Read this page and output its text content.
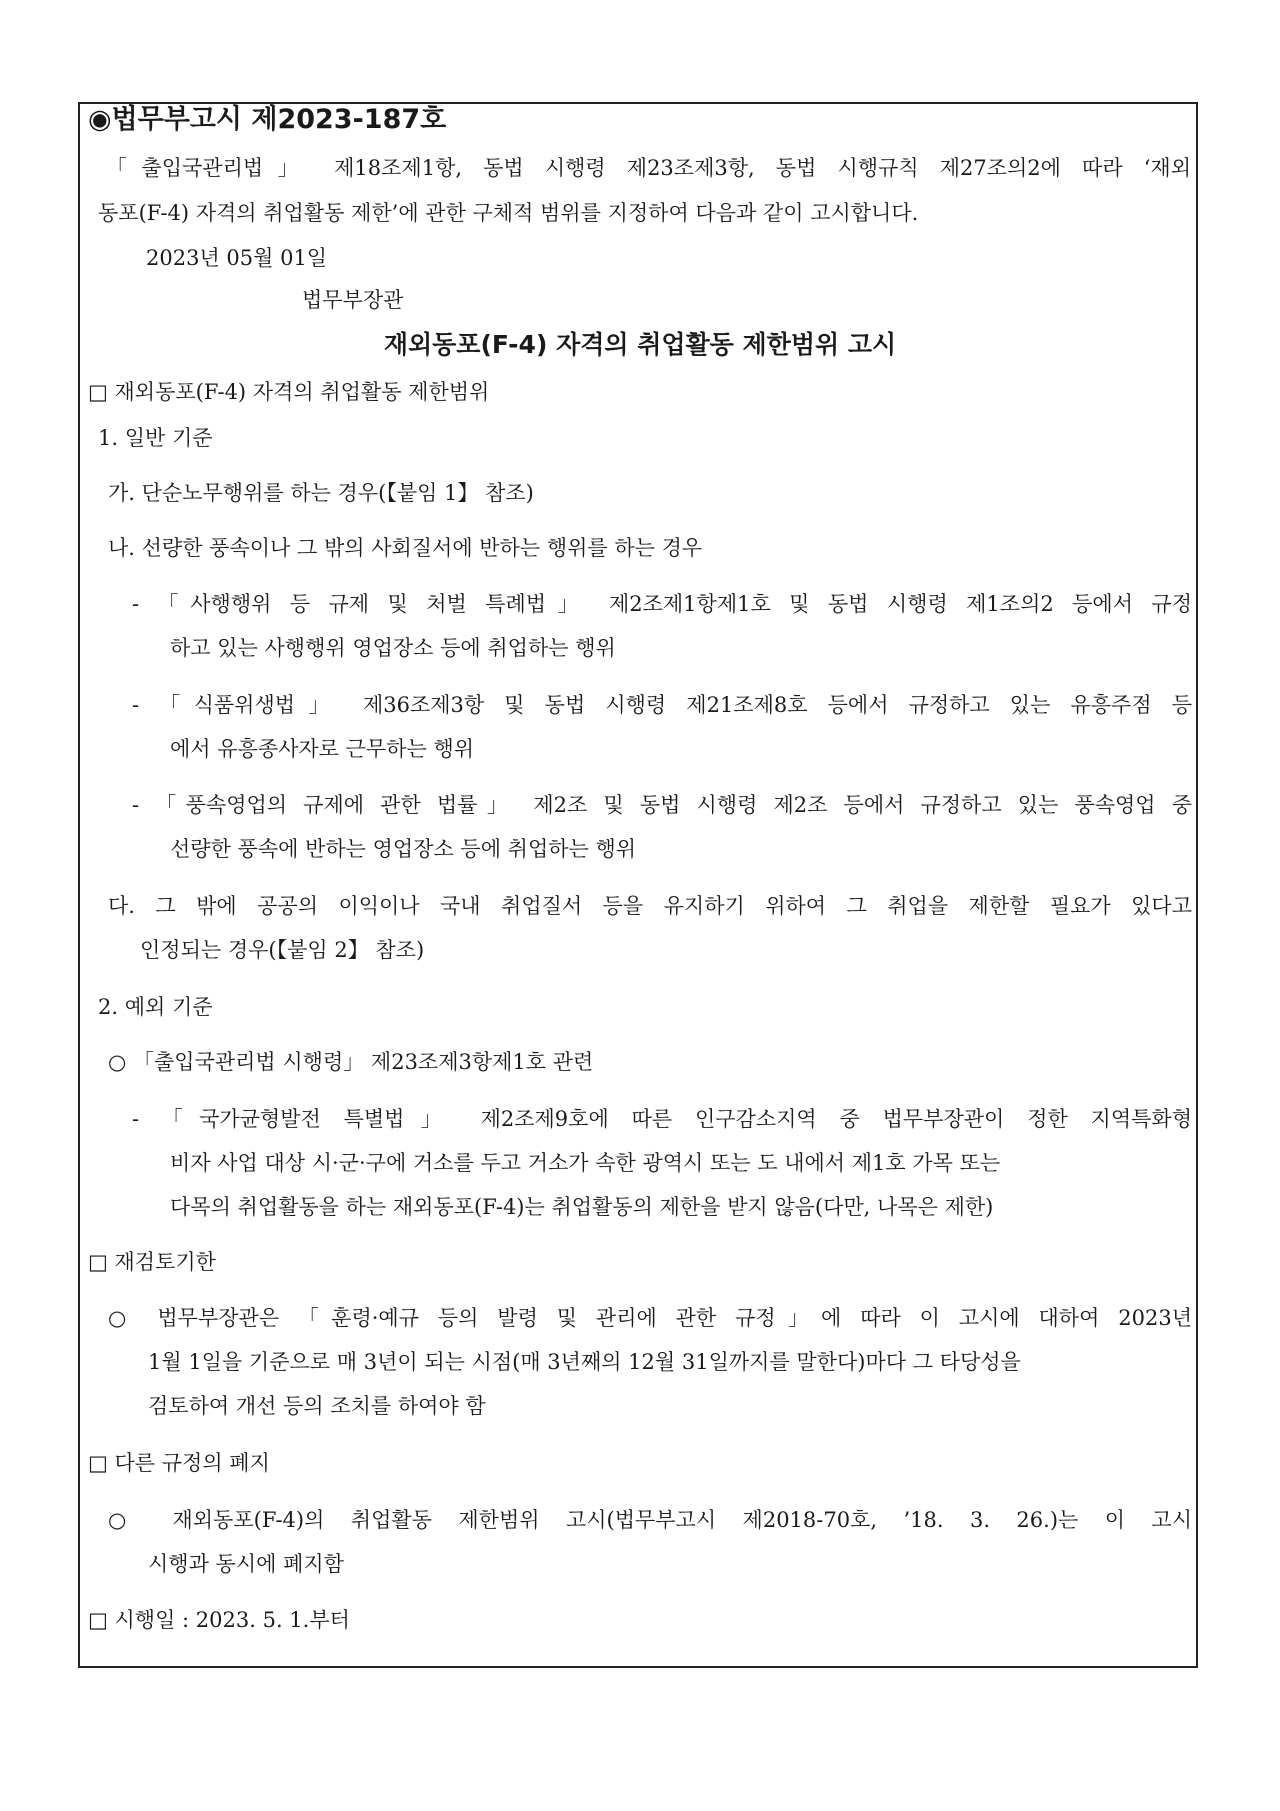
◉법무부고시 제2023-187호
「출입국관리법」 제18조제1항, 동법 시행령 제23조제3항, 동법 시행규칙 제27조의2에 따라 ‘재외
동포(F-4) 자격의 취업활동 제한’에 관한 구체적 범위를 지정하여 다음과 같이 고시합니다.
2023년 05월 01일
법무부장관
재외동포(F-4) 자격의 취업활동 제한범위 고시
□ 재외동포(F-4) 자격의 취업활동 제한범위
1. 일반 기준
가. 단순노무행위를 하는 경우(【붙임 1】 참조)
나. 선량한 풍속이나 그 밖의 사회질서에 반하는 행위를 하는 경우
- 「사행행위 등 규제 및 처벌 특례법」 제2조제1항제1호 및 동법 시행령 제1조의2 등에서 규정
하고 있는 사행행위 영업장소 등에 취업하는 행위
- 「식품위생법」 제36조제3항 및 동법 시행령 제21조제8호 등에서 규정하고 있는 유흥주점 등
에서 유흥종사자로 근무하는 행위
- 「풍속영업의 규제에 관한 법률」 제2조 및 동법 시행령 제2조 등에서 규정하고 있는 풍속영업 중
선량한 풍속에 반하는 영업장소 등에 취업하는 행위
다. 그 밖에 공공의 이익이나 국내 취업질서 등을 유지하기 위하여 그 취업을 제한할 필요가 있다고
인정되는 경우(【붙임 2】 참조)
2. 예외 기준
○ 「출입국관리법 시행령」 제23조제3항제1호 관련
- 「국가균형발전 특별법」 제2조제9호에 따른 인구감소지역 중 법무부장관이 정한 지역특화형
비자 사업 대상 시·군·구에 거소를 두고 거소가 속한 광역시 또는 도 내에서 제1호 가목 또는
다목의 취업활동을 하는 재외동포(F-4)는 취업활동의 제한을 받지 않음(다만, 나목은 제한)
□ 재검토기한
○ 법무부장관은 「훈령·예규 등의 발령 및 관리에 관한 규정」에 따라 이 고시에 대하여 2023년
1월 1일을 기준으로 매 3년이 되는 시점(매 3년째의 12월 31일까지를 말한다)마다 그 타당성을
검토하여 개선 등의 조치를 하여야 함
□ 다른 규정의 폐지
○ 재외동포(F-4)의 취업활동 제한범위 고시(법무부고시 제2018-70호, ’18. 3. 26.)는 이 고시
시행과 동시에 폐지함
□ 시행일 : 2023. 5. 1.부터
